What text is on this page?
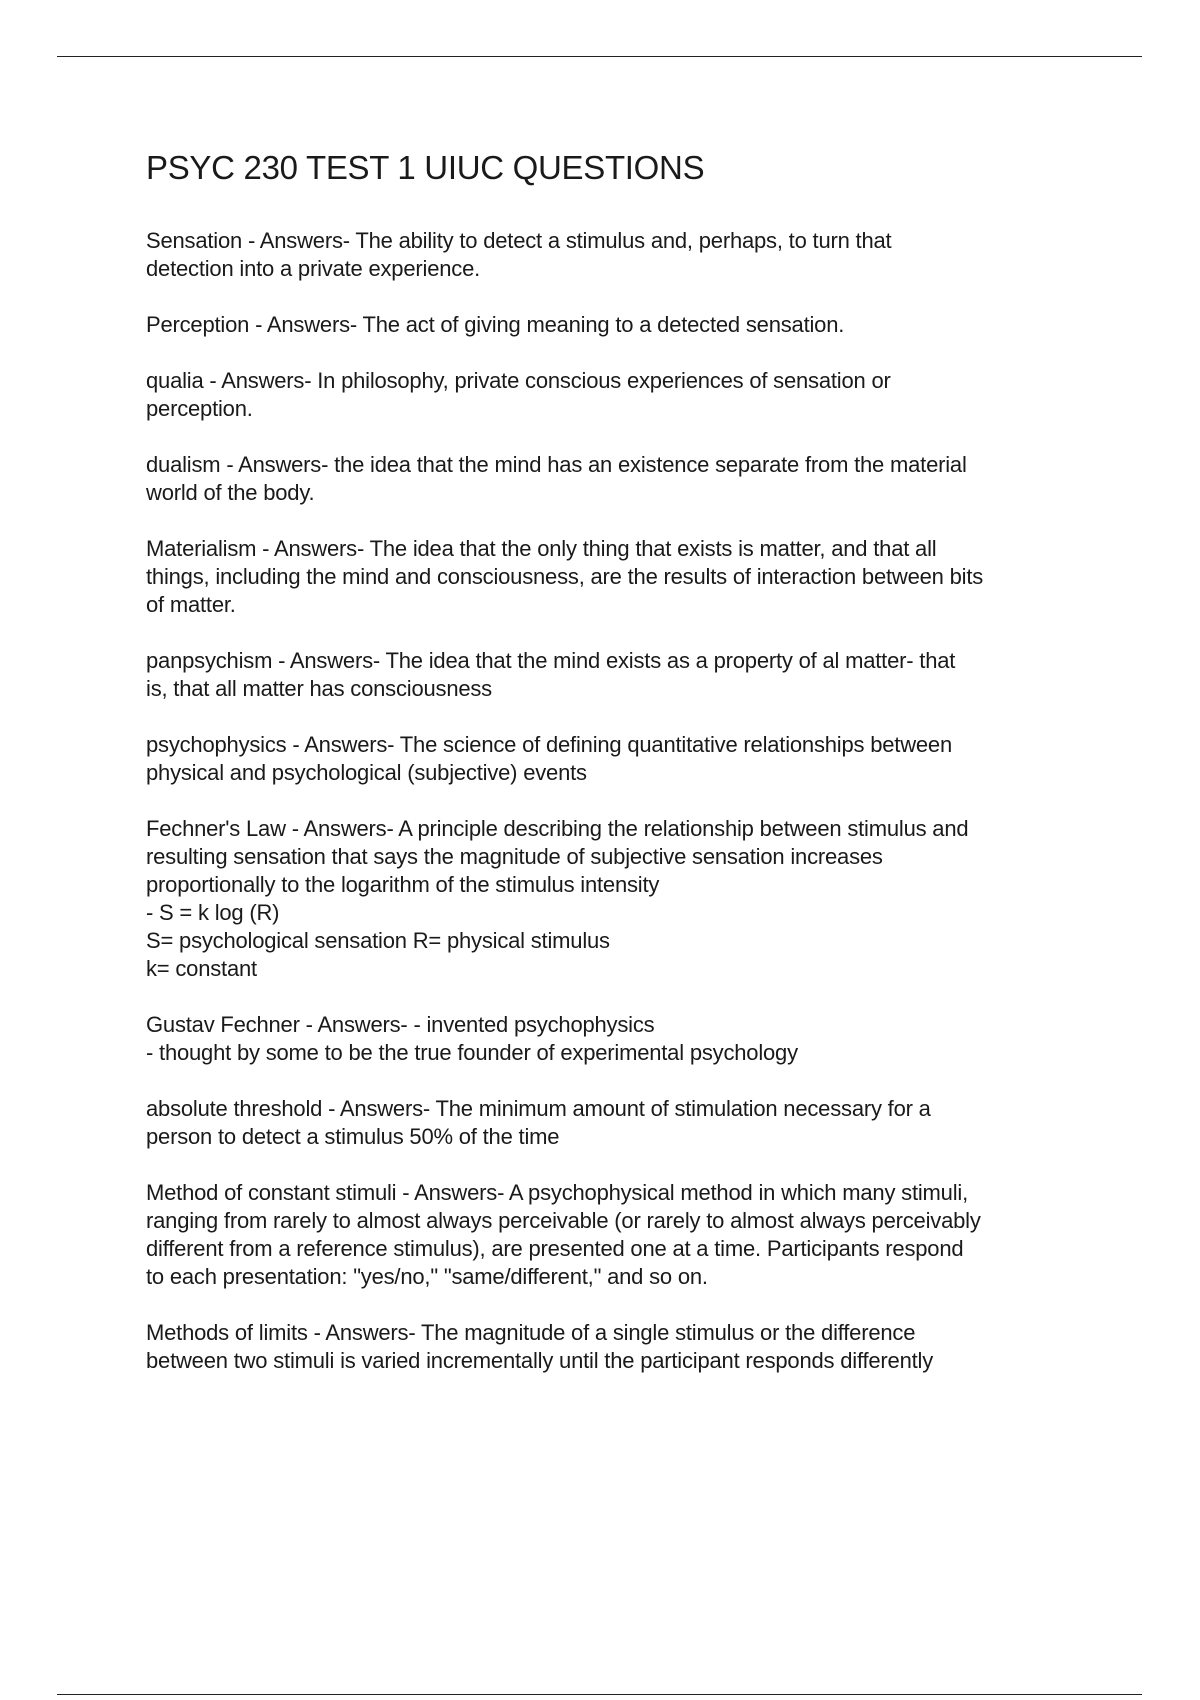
PSYC 230 TEST 1 UIUC QUESTIONS

Sensation - Answers- The ability to detect a stimulus and, perhaps, to turn that
detection into a private experience.

Perception - Answers- The act of giving meaning to a detected sensation.

qualia - Answers- In philosophy, private conscious experiences of sensation or
perception.

dualism - Answers- the idea that the mind has an existence separate from the material
world of the body.

Materialism - Answers- The idea that the only thing that exists is matter, and that all
things, including the mind and consciousness, are the results of interaction between bits
of matter.

panpsychism - Answers- The idea that the mind exists as a property of al matter- that
is, that all matter has consciousness

psychophysics - Answers- The science of defining quantitative relationships between
physical and psychological (subjective) events

Fechner's Law - Answers- A principle describing the relationship between stimulus and
resulting sensation that says the magnitude of subjective sensation increases
proportionally to the logarithm of the stimulus intensity
- S = k log (R)
S= psychological sensation R= physical stimulus
k= constant

Gustav Fechner - Answers- - invented psychophysics
- thought by some to be the true founder of experimental psychology

absolute threshold - Answers- The minimum amount of stimulation necessary for a
person to detect a stimulus 50% of the time

Method of constant stimuli - Answers- A psychophysical method in which many stimuli,
ranging from rarely to almost always perceivable (or rarely to almost always perceivably
different from a reference stimulus), are presented one at a time. Participants respond
to each presentation: "yes/no," "same/different," and so on.

Methods of limits - Answers- The magnitude of a single stimulus or the difference
between two stimuli is varied incrementally until the participant responds differently
